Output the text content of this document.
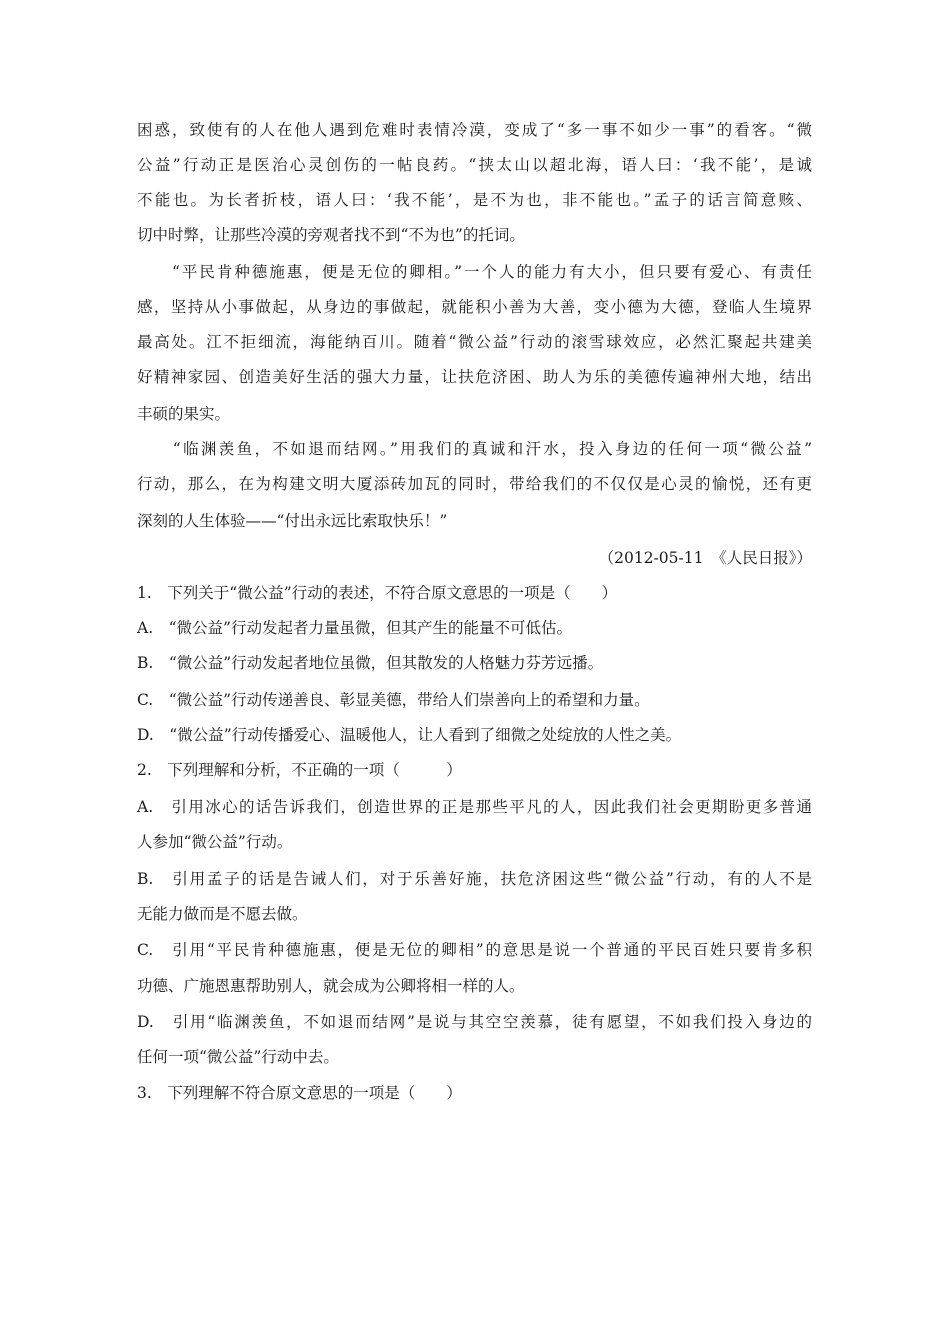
困惑，致使有的人在他人遇到危难时表情冷漠，变成了“多一事不如少一事”的看客。“微
公益”行动正是医治心灵创伤的一帖良药。“挟太山以超北海，语人曰：‘我不能’，是诚
不能也。为长者折枝，语人曰：‘我不能’，是不为也，非不能也。”孟子的话言简意赅、
切中时弊，让那些冷漠的旁观者找不到“不为也”的托词。
　　“平民肯种德施惠，便是无位的卿相。”一个人的能力有大小，但只要有爱心、有责任
感，坚持从小事做起，从身边的事做起，就能积小善为大善，变小德为大德，登临人生境界
最高处。江不拒细流，海能纳百川。随着“微公益”行动的滚雪球效应，必然汇聚起共建美
好精神家园、创造美好生活的强大力量，让扶危济困、助人为乐的美德传遍神州大地，结出
丰硕的果实。
　　“临渊羡鱼，不如退而结网。”用我们的真诚和汗水，投入身边的任何一项“微公益”
行动，那么，在为构建文明大厦添砖加瓦的同时，带给我们的不仅仅是心灵的愉悦，还有更
深刻的人生体验——“付出永远比索取快乐！”
（2012-05-11　《人民日报》）
1.　下列关于“微公益”行动的表述，不符合原文意思的一项是（　　）
A.　“微公益”行动发起者力量虽微，但其产生的能量不可低估。
B.　“微公益”行动发起者地位虽微，但其散发的人格魅力芬芳远播。
C.　“微公益”行动传递善良、彰显美德，带给人们崇善向上的希望和力量。
D.　“微公益”行动传播爱心、温暖他人，让人看到了细微之处绽放的人性之美。
2.　下列理解和分析，不正确的一项（　　　）
A.　引用冰心的话告诉我们，创造世界的正是那些平凡的人，因此我们社会更期盼更多普通
人参加“微公益”行动。
B.　引用孟子的话是告诫人们，对于乐善好施，扶危济困这些“微公益”行动，有的人不是
无能力做而是不愿去做。
C.　引用“平民肯种德施惠，便是无位的卿相”的意思是说一个普通的平民百姓只要肯多积
功德、广施恩惠帮助别人，就会成为公卿将相一样的人。
D.　引用“临渊羡鱼，不如退而结网”是说与其空空羡慕，徒有愿望，不如我们投入身边的
任何一项“微公益”行动中去。
3.　下列理解不符合原文意思的一项是（　　）
